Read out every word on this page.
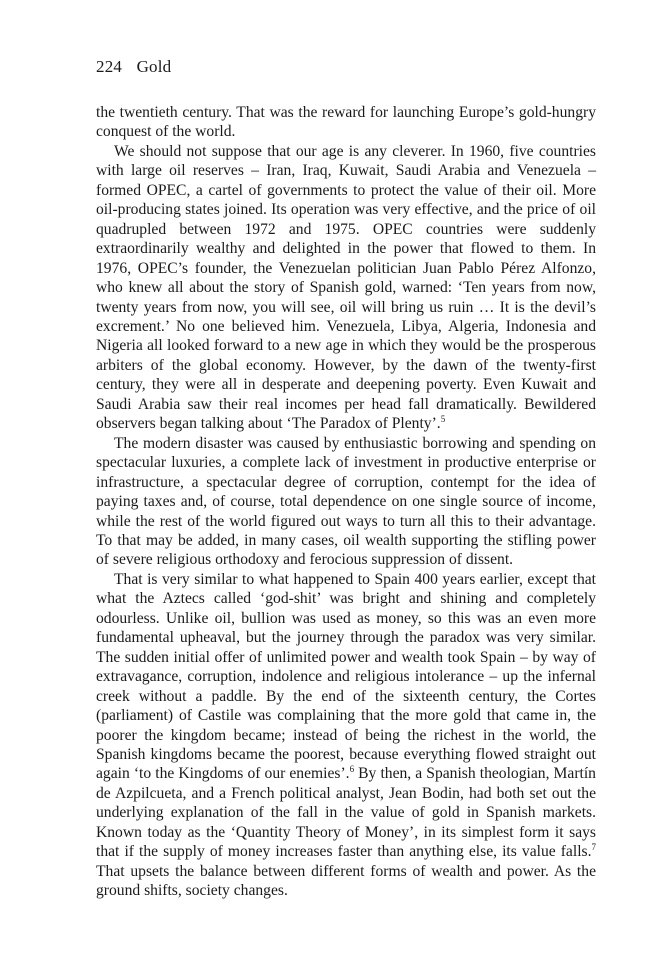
224 Gold

the twentieth century. That was the reward for launching Europe’s gold-hungry conquest of the world.

We should not suppose that our age is any cleverer. In 1960, five countries with large oil reserves – Iran, Iraq, Kuwait, Saudi Arabia and Venezuela – formed OPEC, a cartel of governments to protect the value of their oil. More oil-producing states joined. Its operation was very effective, and the price of oil quadrupled between 1972 and 1975. OPEC countries were suddenly extraordinarily wealthy and delighted in the power that flowed to them. In 1976, OPEC’s founder, the Venezuelan politician Juan Pablo Pérez Alfonzo, who knew all about the story of Spanish gold, warned: ‘Ten years from now, twenty years from now, you will see, oil will bring us ruin … It is the devil’s excrement.’ No one believed him. Venezuela, Libya, Algeria, Indonesia and Nigeria all looked forward to a new age in which they would be the prosperous arbiters of the global economy. However, by the dawn of the twenty-first century, they were all in desperate and deepening poverty. Even Kuwait and Saudi Arabia saw their real incomes per head fall dramatically. Bewildered observers began talking about ‘The Paradox of Plenty’.$^5$

The modern disaster was caused by enthusiastic borrowing and spending on spectacular luxuries, a complete lack of investment in productive enterprise or infrastructure, a spectacular degree of corruption, contempt for the idea of paying taxes and, of course, total dependence on one single source of income, while the rest of the world figured out ways to turn all this to their advantage. To that may be added, in many cases, oil wealth supporting the stifling power of severe religious orthodoxy and ferocious suppression of dissent.

That is very similar to what happened to Spain 400 years earlier, except that what the Aztecs called ‘god-shit’ was bright and shining and completely odourless. Unlike oil, bullion was used as money, so this was an even more fundamental upheaval, but the journey through the paradox was very similar. The sudden initial offer of unlimited power and wealth took Spain – by way of extravagance, corruption, indolence and religious intolerance – up the infernal creek without a paddle. By the end of the sixteenth century, the Cortes (parliament) of Castile was complaining that the more gold that came in, the poorer the kingdom became; instead of being the richest in the world, the Spanish kingdoms became the poorest, because everything flowed straight out again ‘to the Kingdoms of our enemies’.$^6$ By then, a Spanish theologian, Martín de Azpilcueta, and a French political analyst, Jean Bodin, had both set out the underlying explanation of the fall in the value of gold in Spanish markets. Known today as the ‘Quantity Theory of Money’, in its simplest form it says that if the supply of money increases faster than anything else, its value falls.$^7$ That upsets the balance between different forms of wealth and power. As the ground shifts, society changes.
